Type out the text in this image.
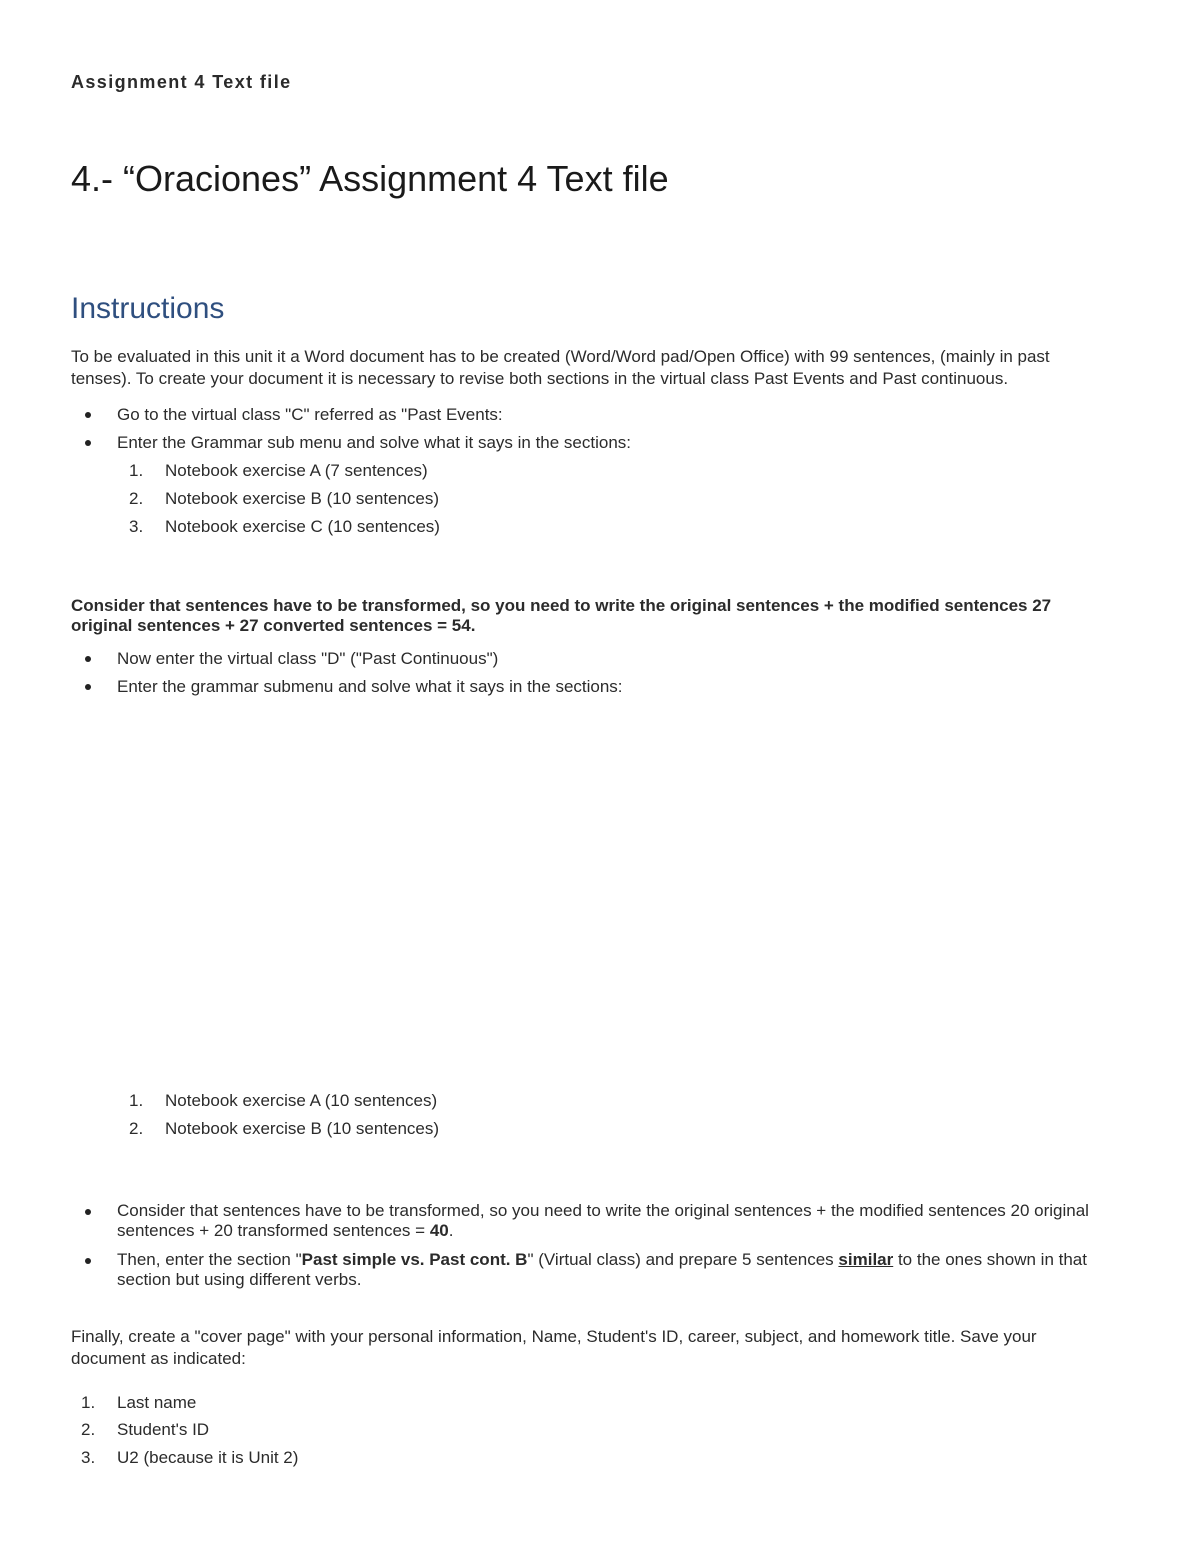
Assignment 4 Text file
4.- “Oraciones” Assignment 4 Text file
Instructions
To be evaluated in this unit it a Word document has to be created (Word/Word pad/Open Office) with 99 sentences, (mainly in past tenses). To create your document it is necessary to revise both sections in the virtual class Past Events and Past continuous.
Go to the virtual class "C" referred as "Past Events:
Enter the Grammar sub menu and solve what it says in the sections:
1.	Notebook exercise A (7 sentences)
2.	Notebook exercise B (10 sentences)
3.	Notebook exercise C (10 sentences)
Consider that sentences have to be transformed, so you need to write the original sentences + the modified sentences 27 original sentences + 27 converted sentences = 54.
Now enter the virtual class "D" ("Past Continuous")
Enter the grammar submenu and solve what it says in the sections:
1.	Notebook exercise A (10 sentences)
2.	Notebook exercise B (10 sentences)
Consider that sentences have to be transformed, so you need to write the original sentences + the modified sentences 20 original sentences + 20 transformed sentences = 40.
Then, enter the section "Past simple vs. Past cont. B" (Virtual class) and prepare 5 sentences similar to the ones shown in that section but using different verbs.
Finally, create a "cover page" with your personal information, Name, Student's ID, career, subject, and homework title. Save your document as indicated:
1.	Last name
2.	Student's ID
3.	U2 (because it is Unit 2)
